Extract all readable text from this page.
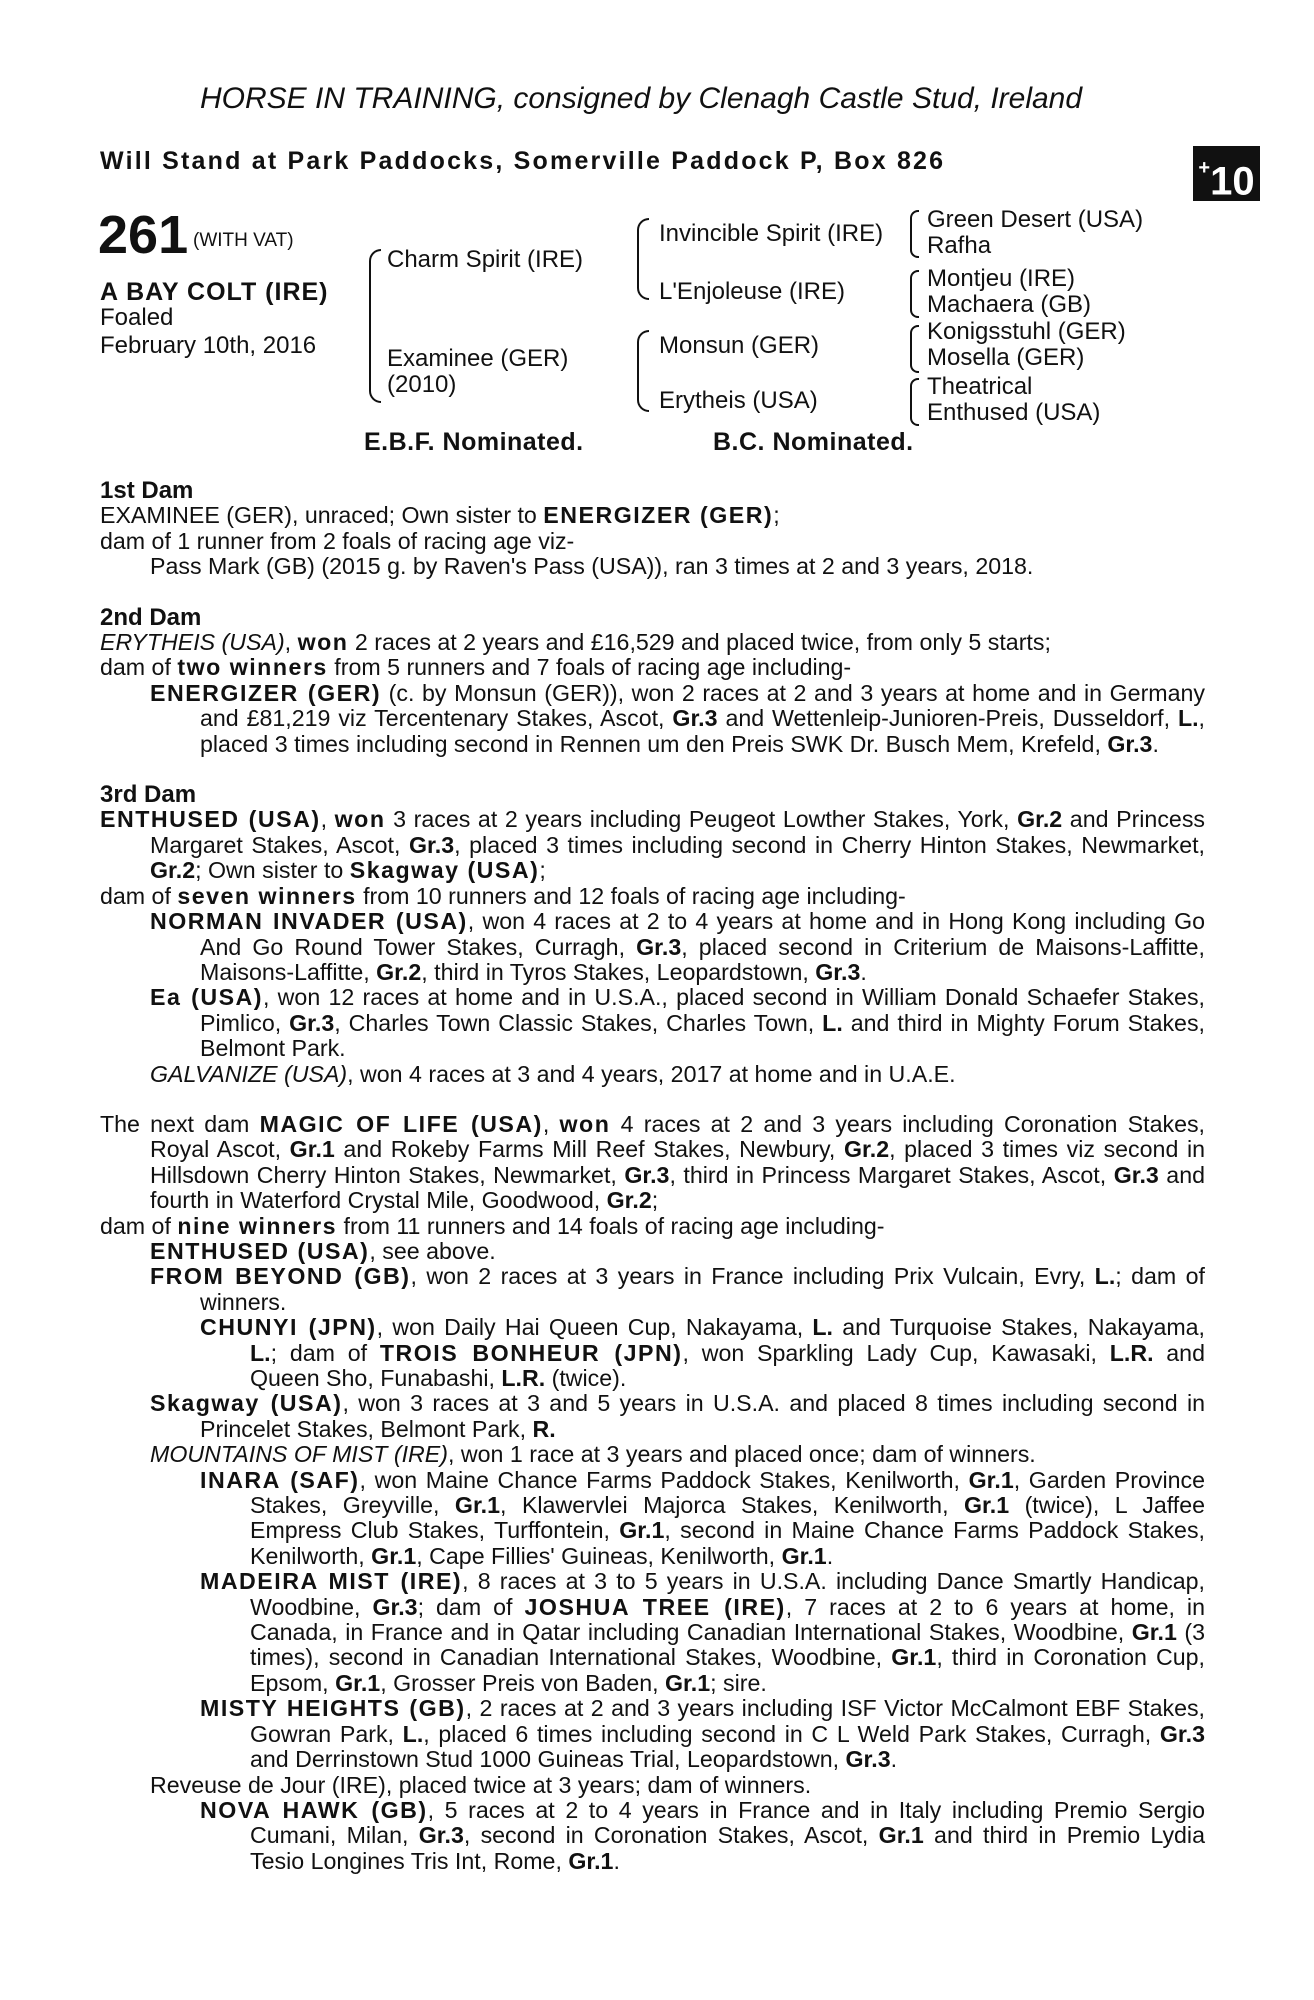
HORSE IN TRAINING, consigned by Clenagh Castle Stud, Ireland
Will Stand at Park Paddocks, Somerville Paddock P, Box 826	+10
261 (WITH VAT)
A BAY COLT (IRE)
Foaled
February 10th, 2016
Charm Spirit (IRE)
Examinee (GER)
(2010)
Invincible Spirit (IRE)
L'Enjoleuse (IRE)
Monsun (GER)
Erytheis (USA)
Green Desert (USA)
Rafha
Montjeu (IRE)
Machaera (GB)
Konigsstuhl (GER)
Mosella (GER)
Theatrical
Enthused (USA)
E.B.F. Nominated.	B.C. Nominated.

1st Dam

EXAMINEE (GER), unraced; Own sister to ENERGIZER (GER);

dam of 1 runner from 2 foals of racing age viz-

Pass Mark (GB) (2015 g. by Raven's Pass (USA)), ran 3 times at 2 and 3 years, 2018.

2nd Dam

ERYTHEIS (USA), won 2 races at 2 years and £16,529 and placed twice, from only 5 starts;

dam of two winners from 5 runners and 7 foals of racing age including-

ENERGIZER (GER) (c. by Monsun (GER)), won 2 races at 2 and 3 years at home and in Germany and £81,219 viz Tercentenary Stakes, Ascot, Gr.3 and Wettenleip-Junioren-Preis, Dusseldorf, L., placed 3 times including second in Rennen um den Preis SWK Dr. Busch Mem, Krefeld, Gr.3.

3rd Dam

ENTHUSED (USA), won 3 races at 2 years including Peugeot Lowther Stakes, York, Gr.2 and Princess Margaret Stakes, Ascot, Gr.3, placed 3 times including second in Cherry Hinton Stakes, Newmarket, Gr.2; Own sister to Skagway (USA);

dam of seven winners from 10 runners and 12 foals of racing age including-

NORMAN INVADER (USA), won 4 races at 2 to 4 years at home and in Hong Kong including Go And Go Round Tower Stakes, Curragh, Gr.3, placed second in Criterium de Maisons-Laffitte, Maisons-Laffitte, Gr.2, third in Tyros Stakes, Leopardstown, Gr.3.

Ea (USA), won 12 races at home and in U.S.A., placed second in William Donald Schaefer Stakes, Pimlico, Gr.3, Charles Town Classic Stakes, Charles Town, L. and third in Mighty Forum Stakes, Belmont Park.

GALVANIZE (USA), won 4 races at 3 and 4 years, 2017 at home and in U.A.E.

The next dam MAGIC OF LIFE (USA), won 4 races at 2 and 3 years including Coronation Stakes, Royal Ascot, Gr.1 and Rokeby Farms Mill Reef Stakes, Newbury, Gr.2, placed 3 times viz second in Hillsdown Cherry Hinton Stakes, Newmarket, Gr.3, third in Princess Margaret Stakes, Ascot, Gr.3 and fourth in Waterford Crystal Mile, Goodwood, Gr.2;

dam of nine winners from 11 runners and 14 foals of racing age including-

ENTHUSED (USA), see above.

FROM BEYOND (GB), won 2 races at 3 years in France including Prix Vulcain, Evry, L.; dam of winners.

CHUNYI (JPN), won Daily Hai Queen Cup, Nakayama, L. and Turquoise Stakes, Nakayama, L.; dam of TROIS BONHEUR (JPN), won Sparkling Lady Cup, Kawasaki, L.R. and Queen Sho, Funabashi, L.R. (twice).

Skagway (USA), won 3 races at 3 and 5 years in U.S.A. and placed 8 times including second in Princelet Stakes, Belmont Park, R.

MOUNTAINS OF MIST (IRE), won 1 race at 3 years and placed once; dam of winners.

INARA (SAF), won Maine Chance Farms Paddock Stakes, Kenilworth, Gr.1, Garden Province Stakes, Greyville, Gr.1, Klawervlei Majorca Stakes, Kenilworth, Gr.1 (twice), L Jaffee Empress Club Stakes, Turffontein, Gr.1, second in Maine Chance Farms Paddock Stakes, Kenilworth, Gr.1, Cape Fillies' Guineas, Kenilworth, Gr.1.

MADEIRA MIST (IRE), 8 races at 3 to 5 years in U.S.A. including Dance Smartly Handicap, Woodbine, Gr.3; dam of JOSHUA TREE (IRE), 7 races at 2 to 6 years at home, in Canada, in France and in Qatar including Canadian International Stakes, Woodbine, Gr.1 (3 times), second in Canadian International Stakes, Woodbine, Gr.1, third in Coronation Cup, Epsom, Gr.1, Grosser Preis von Baden, Gr.1; sire.

MISTY HEIGHTS (GB), 2 races at 2 and 3 years including ISF Victor McCalmont EBF Stakes, Gowran Park, L., placed 6 times including second in C L Weld Park Stakes, Curragh, Gr.3 and Derrinstown Stud 1000 Guineas Trial, Leopardstown, Gr.3.

Reveuse de Jour (IRE), placed twice at 3 years; dam of winners.

NOVA HAWK (GB), 5 races at 2 to 4 years in France and in Italy including Premio Sergio Cumani, Milan, Gr.3, second in Coronation Stakes, Ascot, Gr.1 and third in Premio Lydia Tesio Longines Tris Int, Rome, Gr.1.
